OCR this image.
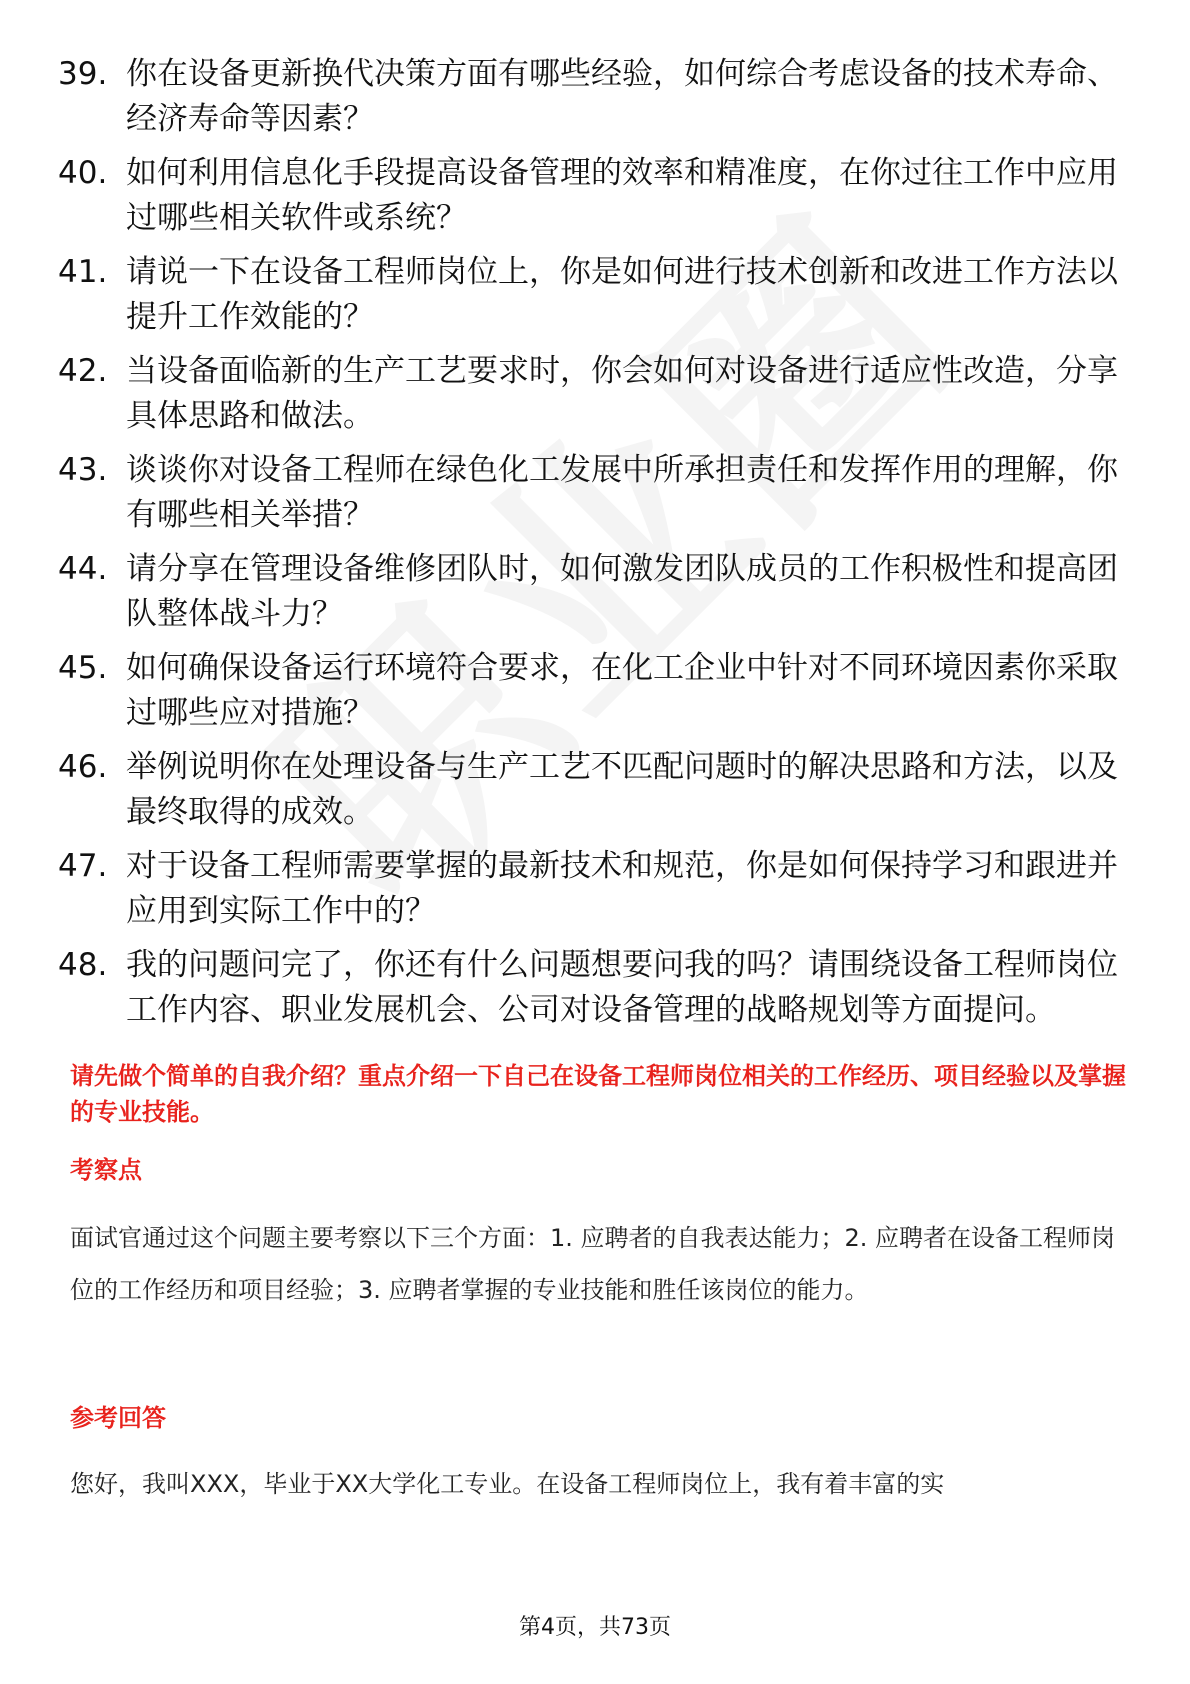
39. 你在设备更新换代决策方面有哪些经验，如何综合考虑设备的技术寿命、经济寿命等因素？
40. 如何利用信息化手段提高设备管理的效率和精准度，在你过往工作中应用过哪些相关软件或系统？
41. 请说一下在设备工程师岗位上，你是如何进行技术创新和改进工作方法以提升工作效能的？
42. 当设备面临新的生产工艺要求时，你会如何对设备进行适应性改造，分享具体思路和做法。
43. 谈谈你对设备工程师在绿色化工发展中所承担责任和发挥作用的理解，你有哪些相关举措？
44. 请分享在管理设备维修团队时，如何激发团队成员的工作积极性和提高团队整体战斗力？
45. 如何确保设备运行环境符合要求，在化工企业中针对不同环境因素你采取过哪些应对措施？
46. 举例说明你在处理设备与生产工艺不匹配问题时的解决思路和方法，以及最终取得的成效。
47. 对于设备工程师需要掌握的最新技术和规范，你是如何保持学习和跟进并应用到实际工作中的？
48. 我的问题问完了，你还有什么问题想要问我的吗？请围绕设备工程师岗位工作内容、职业发展机会、公司对设备管理的战略规划等方面提问。
请先做个简单的自我介绍？重点介绍一下自己在设备工程师岗位相关的工作经历、项目经验以及掌握的专业技能。
考察点
面试官通过这个问题主要考察以下三个方面：1. 应聘者的自我表达能力；2. 应聘者在设备工程师岗位的工作经历和项目经验；3. 应聘者掌握的专业技能和胜任该岗位的能力。
参考回答
您好，我叫XXX，毕业于XX大学化工专业。在设备工程师岗位上，我有着丰富的实
第4页，共73页
